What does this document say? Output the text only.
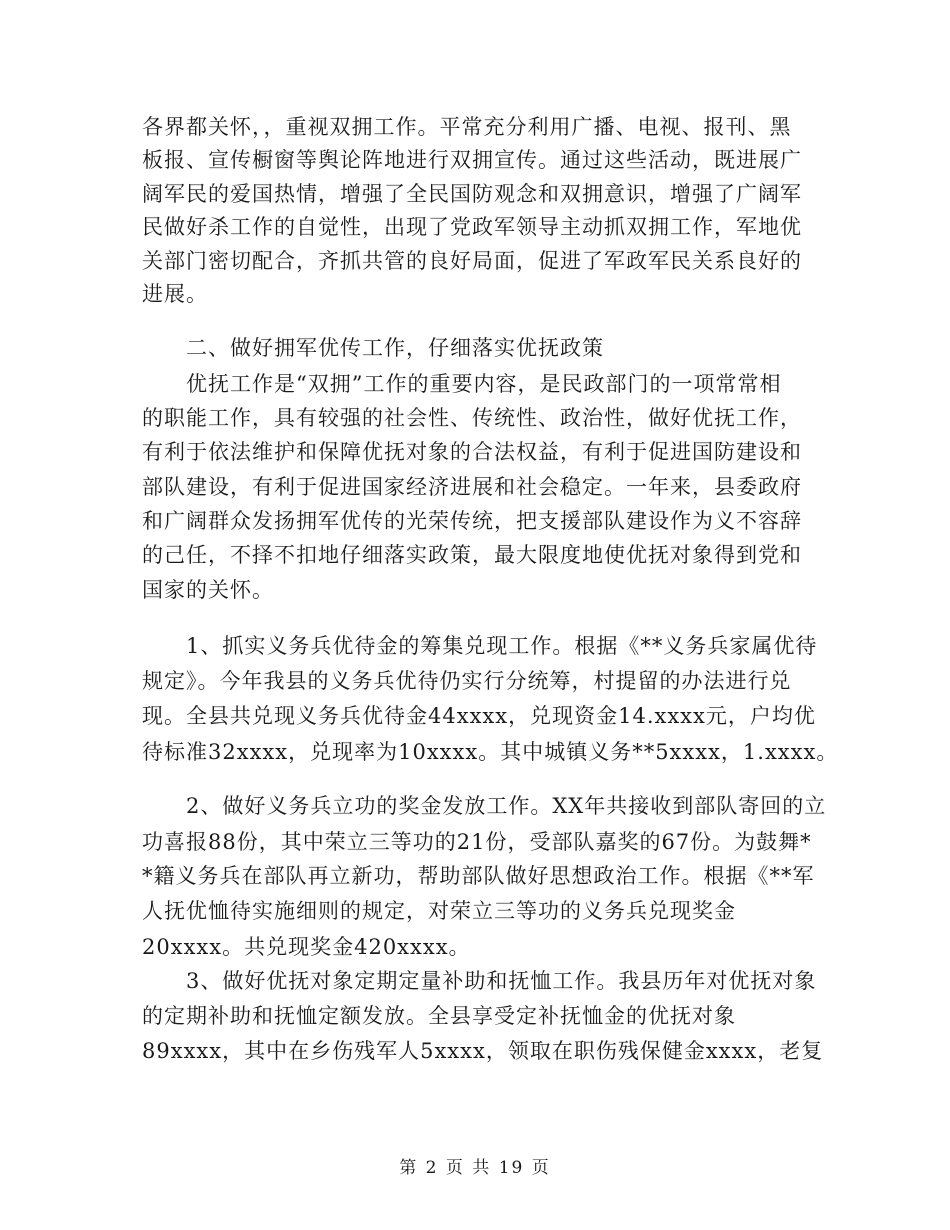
各界都关怀，，重视双拥工作。平常充分利用广播、电视、报刊、黑
板报、宣传橱窗等舆论阵地进行双拥宣传。通过这些活动，既进展广
阔军民的爱国热情，增强了全民国防观念和双拥意识，增强了广阔军
民做好杀工作的自觉性，出现了党政军领导主动抓双拥工作，军地优
关部门密切配合，齐抓共管的良好局面，促进了军政军民关系良好的
进展。
　　二、做好拥军优传工作，仔细落实优抚政策
　　优抚工作是“双拥”工作的重要内容，是民政部门的一项常常相
的职能工作，具有较强的社会性、传统性、政治性，做好优抚工作，
有利于依法维护和保障优抚对象的合法权益，有利于促进国防建设和
部队建设，有利于促进国家经济进展和社会稳定。一年来，县委政府
和广阔群众发扬拥军优传的光荣传统，把支援部队建设作为义不容辞
的己任，不择不扣地仔细落实政策，最大限度地使优抚对象得到党和
国家的关怀。
　　1、抓实义务兵优待金的筹集兑现工作。根据《**义务兵家属优待
规定》。今年我县的义务兵优待仍实行分统筹，村提留的办法进行兑
现。全县共兑现义务兵优待金44xxxx，兑现资金14.xxxx元，户均优
待标准32xxxx，兑现率为10xxxx。其中城镇义务**5xxxx，1.xxxx。
　　2、做好义务兵立功的奖金发放工作。XX年共接收到部队寄回的立
功喜报88份，其中荣立三等功的21份，受部队嘉奖的67份。为鼓舞*
*籍义务兵在部队再立新功，帮助部队做好思想政治工作。根据《**军
人抚优恤待实施细则的规定，对荣立三等功的义务兵兑现奖金
20xxxx。共兑现奖金420xxxx。
　　3、做好优抚对象定期定量补助和抚恤工作。我县历年对优抚对象
的定期补助和抚恤定额发放。全县享受定补抚恤金的优抚对象
89xxxx，其中在乡伤残军人5xxxx，领取在职伤残保健金xxxx，老复
第 2 页 共 19 页
